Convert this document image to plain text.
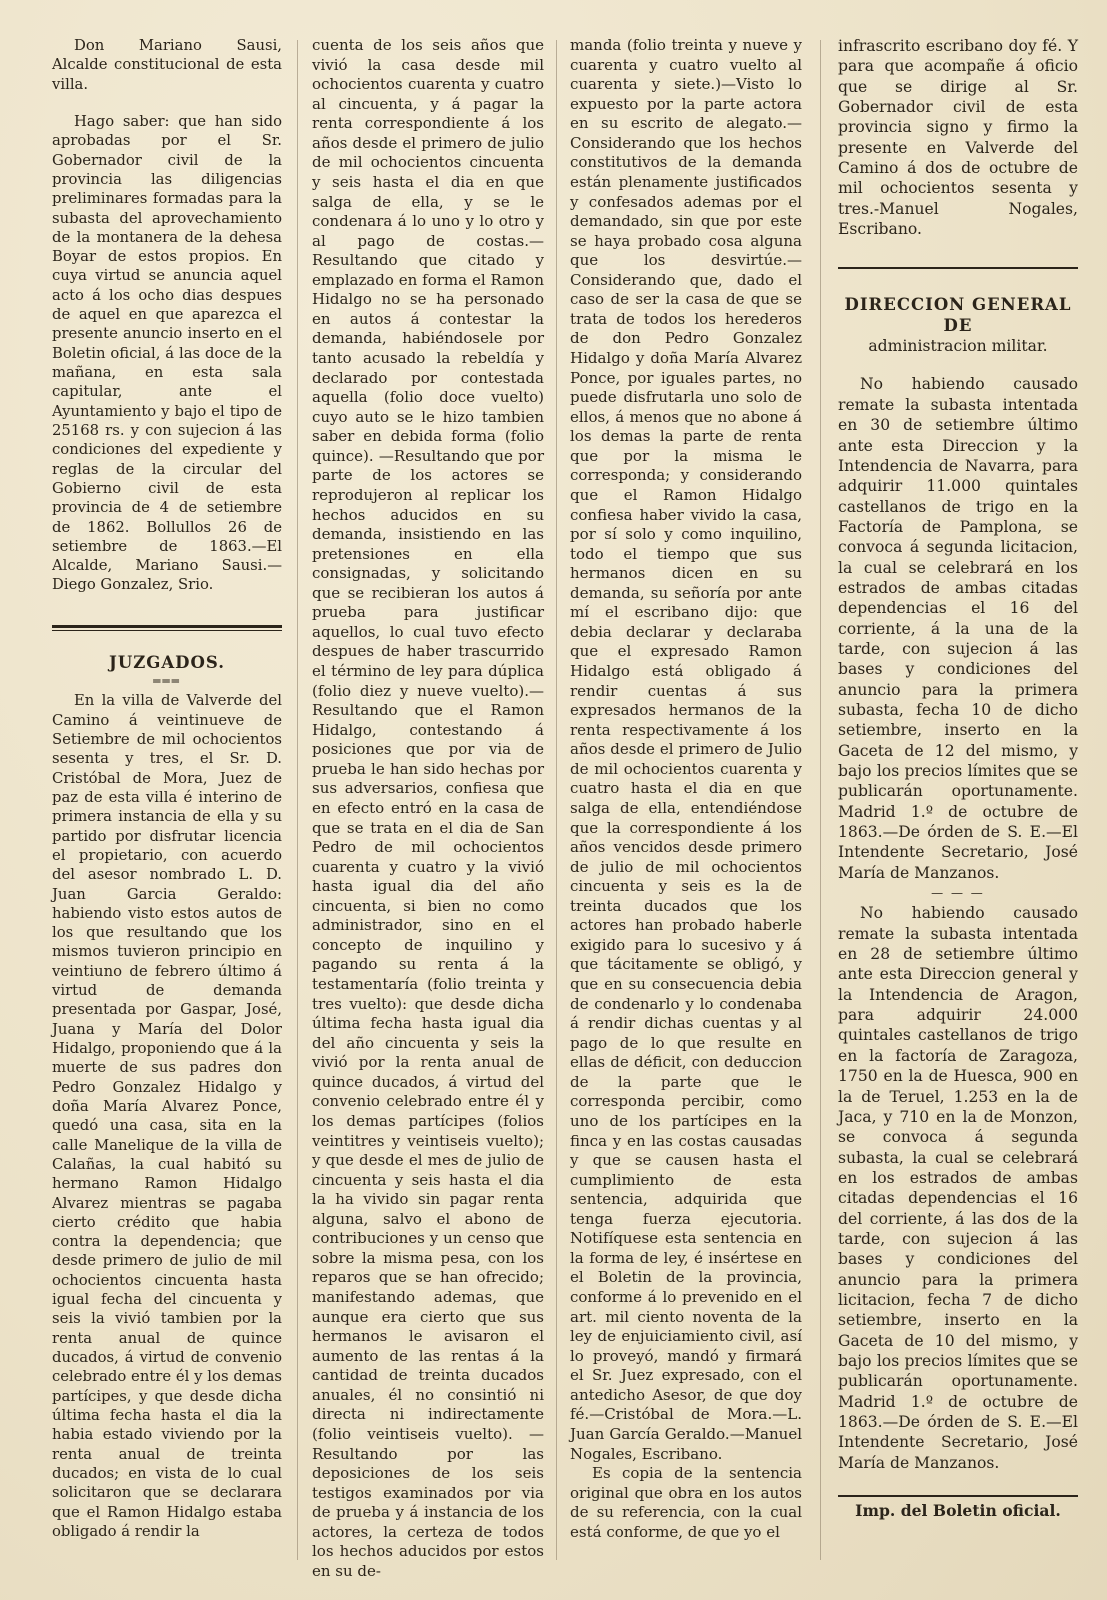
Don Mariano Sausi, Alcalde constitucional de esta villa.

Hago saber: que han sido aprobadas por el Sr. Gobernador civil de la provincia las diligencias preliminares formadas para la subasta del aprovechamiento de la montanera de la dehesa Boyar de estos propios. En cuya virtud se anuncia aquel acto á los ocho dias despues de aquel en que aparezca el presente anuncio inserto en el Boletin oficial, á las doce de la mañana, en esta sala capitular, ante el Ayuntamiento y bajo el tipo de 25168 rs. y con sujecion á las condiciones del expediente y reglas de la circular del Gobierno civil de esta provincia de 4 de setiembre de 1862. Bollullos 26 de setiembre de 1863.—El Alcalde, Mariano Sausi.—Diego Gonzalez, Srio.

JUZGADOS.

═══

En la villa de Valverde del Camino á veintinueve de Setiembre de mil ochocientos sesenta y tres, el Sr. D. Cristóbal de Mora, Juez de paz de esta villa é interino de primera instancia de ella y su partido por disfrutar licencia el propietario, con acuerdo del asesor nombrado L. D. Juan Garcia Geraldo: habiendo visto estos autos de los que resultando que los mismos tuvieron principio en veintiuno de febrero último á virtud de demanda presentada por Gaspar, José, Juana y María del Dolor Hidalgo, proponiendo que á la muerte de sus padres don Pedro Gonzalez Hidalgo y doña María Alvarez Ponce, quedó una casa, sita en la calle Manelique de la villa de Calañas, la cual habitó su hermano Ramon Hidalgo Alvarez mientras se pagaba cierto crédito que habia contra la dependencia; que desde primero de julio de mil ochocientos cincuenta hasta igual fecha del cincuenta y seis la vivió tambien por la renta anual de quince ducados, á virtud de convenio celebrado entre él y los demas partícipes, y que desde dicha última fecha hasta el dia la habia estado viviendo por la renta anual de treinta ducados; en vista de lo cual solicitaron que se declarara que el Ramon Hidalgo estaba obligado á rendir la

cuenta de los seis años que vivió la casa desde mil ochocientos cuarenta y cuatro al cincuenta, y á pagar la renta correspondiente á los años desde el primero de julio de mil ochocientos cincuenta y seis hasta el dia en que salga de ella, y se le condenara á lo uno y lo otro y al pago de costas.—Resultando que citado y emplazado en forma el Ramon Hidalgo no se ha personado en autos á contestar la demanda, habiéndosele por tanto acusado la rebeldía y declarado por contestada aquella (folio doce vuelto) cuyo auto se le hizo tambien saber en debida forma (folio quince). —Resultando que por parte de los actores se reprodujeron al replicar los hechos aducidos en su demanda, insistiendo en las pretensiones en ella consignadas, y solicitando que se recibieran los autos á prueba para justificar aquellos, lo cual tuvo efecto despues de haber trascurrido el término de ley para dúplica (folio diez y nueve vuelto).—Resultando que el Ramon Hidalgo, contestando á posiciones que por via de prueba le han sido hechas por sus adversarios, confiesa que en efecto entró en la casa de que se trata en el dia de San Pedro de mil ochocientos cuarenta y cuatro y la vivió hasta igual dia del año cincuenta, si bien no como administrador, sino en el concepto de inquilino y pagando su renta á la testamentaría (folio treinta y tres vuelto): que desde dicha última fecha hasta igual dia del año cincuenta y seis la vivió por la renta anual de quince ducados, á virtud del convenio celebrado entre él y los demas partícipes (folios veintitres y veintiseis vuelto); y que desde el mes de julio de cincuenta y seis hasta el dia la ha vivido sin pagar renta alguna, salvo el abono de contribuciones y un censo que sobre la misma pesa, con los reparos que se han ofrecido; manifestando ademas, que aunque era cierto que sus hermanos le avisaron el aumento de las rentas á la cantidad de treinta ducados anuales, él no consintió ni directa ni indirectamente (folio veintiseis vuelto). —Resultando por las deposiciones de los seis testigos examinados por via de prueba y á instancia de los actores, la certeza de todos los hechos aducidos por estos en su de-

manda (folio treinta y nueve y cuarenta y cuatro vuelto al cuarenta y siete.)—Visto lo expuesto por la parte actora en su escrito de alegato.—Considerando que los hechos constitutivos de la demanda están plenamente justificados y confesados ademas por el demandado, sin que por este se haya probado cosa alguna que los desvirtúe.—Considerando que, dado el caso de ser la casa de que se trata de todos los herederos de don Pedro Gonzalez Hidalgo y doña María Alvarez Ponce, por iguales partes, no puede disfrutarla uno solo de ellos, á menos que no abone á los demas la parte de renta que por la misma le corresponda; y considerando que el Ramon Hidalgo confiesa haber vivido la casa, por sí solo y como inquilino, todo el tiempo que sus hermanos dicen en su demanda, su señoría por ante mí el escribano dijo: que debia declarar y declaraba que el expresado Ramon Hidalgo está obligado á rendir cuentas á sus expresados hermanos de la renta respectivamente á los años desde el primero de Julio de mil ochocientos cuarenta y cuatro hasta el dia en que salga de ella, entendiéndose que la correspondiente á los años vencidos desde primero de julio de mil ochocientos cincuenta y seis es la de treinta ducados que los actores han probado haberle exigido para lo sucesivo y á que tácitamente se obligó, y que en su consecuencia debia de condenarlo y lo condenaba á rendir dichas cuentas y al pago de lo que resulte en ellas de déficit, con deduccion de la parte que le corresponda percibir, como uno de los partícipes en la finca y en las costas causadas y que se causen hasta el cumplimiento de esta sentencia, adquirida que tenga fuerza ejecutoria. Notifíquese esta sentencia en la forma de ley, é insértese en el Boletin de la provincia, conforme á lo prevenido en el art. mil ciento noventa de la ley de enjuiciamiento civil, así lo proveyó, mandó y firmará el Sr. Juez expresado, con el antedicho Asesor, de que doy fé.—Cristóbal de Mora.—L. Juan García Geraldo.—Manuel Nogales, Escribano.

Es copia de la sentencia original que obra en los autos de su referencia, con la cual está conforme, de que yo el

infrascrito escribano doy fé. Y para que acompañe á oficio que se dirige al Sr. Gobernador civil de esta provincia signo y firmo la presente en Valverde del Camino á dos de octubre de mil ochocientos sesenta y tres.-Manuel Nogales, Escribano.

DIRECCION GENERAL DE

administracion militar.

No habiendo causado remate la subasta intentada en 30 de setiembre último ante esta Direccion y la Intendencia de Navarra, para adquirir 11.000 quintales castellanos de trigo en la Factoría de Pamplona, se convoca á segunda licitacion, la cual se celebrará en los estrados de ambas citadas dependencias el 16 del corriente, á la una de la tarde, con sujecion á las bases y condiciones del anuncio para la primera subasta, fecha 10 de dicho setiembre, inserto en la Gaceta de 12 del mismo, y bajo los precios límites que se publicarán oportunamente. Madrid 1.º de octubre de 1863.—De órden de S. E.—El Intendente Secretario, José María de Manzanos.

— — —

No habiendo causado remate la subasta intentada en 28 de setiembre último ante esta Direccion general y la Intendencia de Aragon, para adquirir 24.000 quintales castellanos de trigo en la factoría de Zaragoza, 1750 en la de Huesca, 900 en la de Teruel, 1.253 en la de Jaca, y 710 en la de Monzon, se convoca á segunda subasta, la cual se celebrará en los estrados de ambas citadas dependencias el 16 del corriente, á las dos de la tarde, con sujecion á las bases y condiciones del anuncio para la primera licitacion, fecha 7 de dicho setiembre, inserto en la Gaceta de 10 del mismo, y bajo los precios límites que se publicarán oportunamente. Madrid 1.º de octubre de 1863.—De órden de S. E.—El Intendente Secretario, José María de Manzanos.

Imp. del Boletin oficial.
